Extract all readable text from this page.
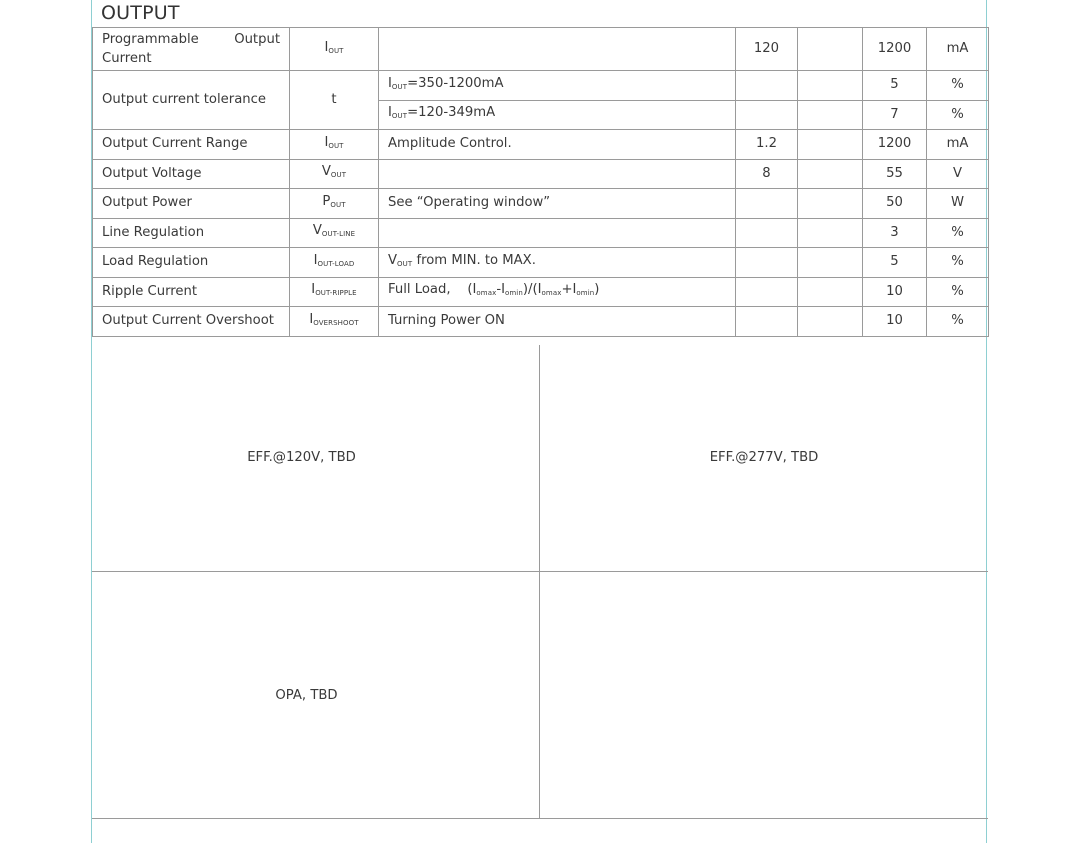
OUTPUT
Programmable Output
Current	$I_{OUT}$		120		1200	mA
Output current tolerance	t	$I_{OUT}=350-1200mA$			5	%
		$I_{OUT}=120-349mA$			7	%
Output Current Range	$I_{OUT}$	Amplitude Control.	1.2		1200	mA
Output Voltage	$V_{OUT}$		8		55	V
Output Power	$P_{OUT}$	See “Operating window”			50	W
Line Regulation	$V_{OUT-LINE}$				3	%
Load Regulation	$I_{OUT-LOAD}$	$V_{OUT}$ from MIN. to MAX.			5	%
Ripple Current	$I_{OUT-RIPPLE}$	Full Load, $(I_{omax}-I_{omin})/(I_{omax}+I_{omin})$			10	%
Output Current Overshoot	$I_{OVERSHOOT}$	Turning Power ON			10	%
EFF.@120V, TBD	EFF.@277V, TBD
OPA, TBD
